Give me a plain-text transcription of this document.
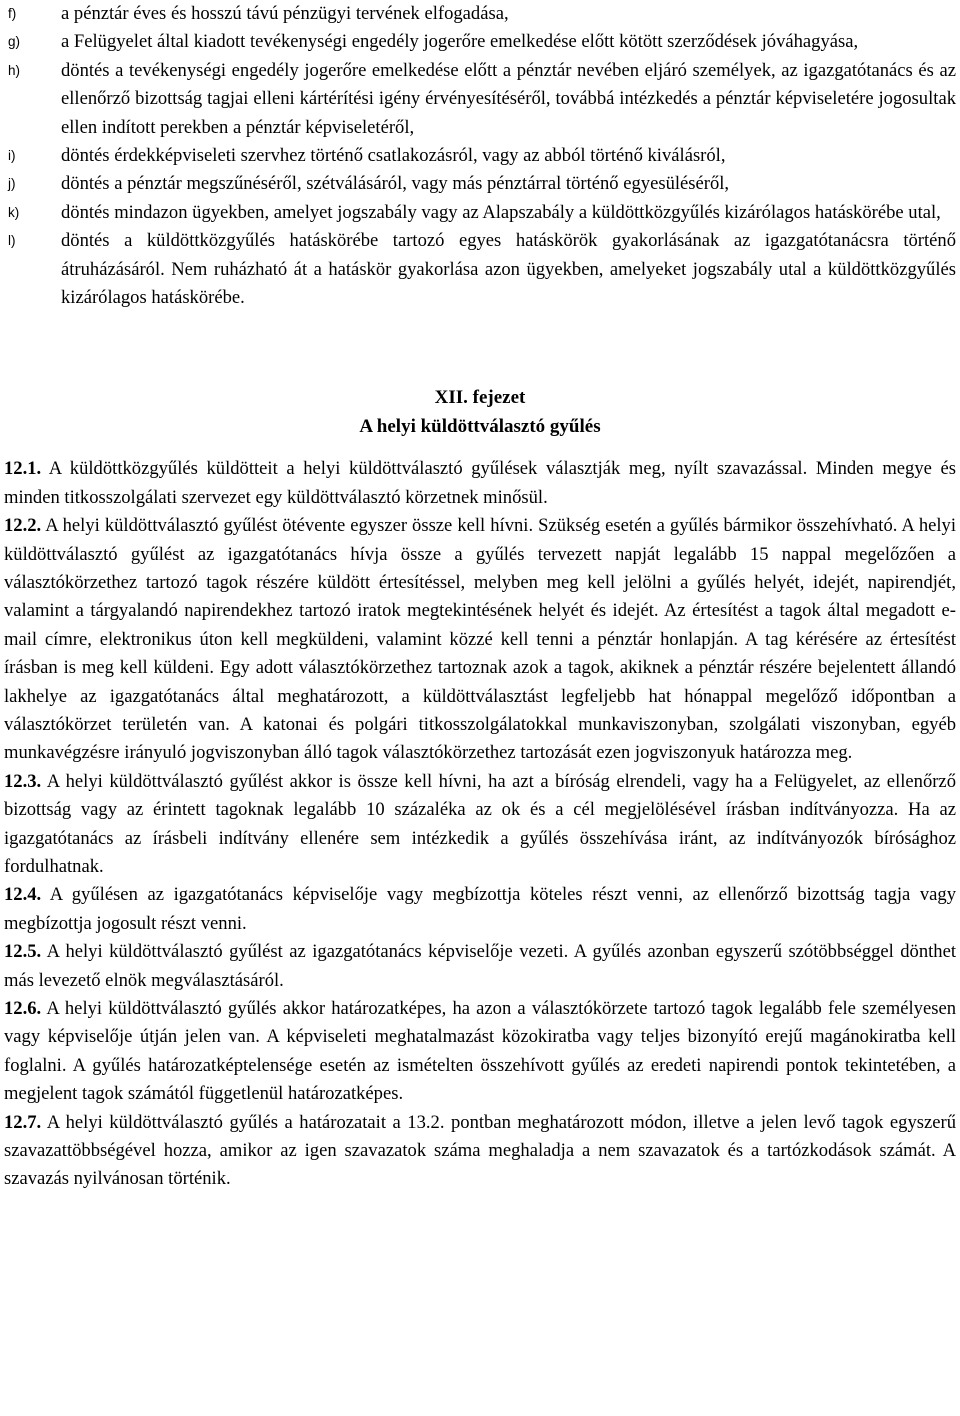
f) a pénztár éves és hosszú távú pénzügyi tervének elfogadása,
g) a Felügyelet által kiadott tevékenységi engedély jogerőre emelkedése előtt kötött szerződések jóváhagyása,
h) döntés a tevékenységi engedély jogerőre emelkedése előtt a pénztár nevében eljáró személyek, az igazgatótanács és az ellenőrző bizottság tagjai elleni kártérítési igény érvényesítéséről, továbbá intézkedés a pénztár képviseletére jogosultak ellen indított perekben a pénztár képviseletéről,
i) döntés érdekképviseleti szervhez történő csatlakozásról, vagy az abból történő kiválásról,
j) döntés a pénztár megszűnéséről, szétválásáról, vagy más pénztárral történő egyesüléséről,
k) döntés mindazon ügyekben, amelyet jogszabály vagy az Alapszabály a küldöttközgyűlés kizárólagos hatáskörébe utal,
l) döntés a küldöttközgyűlés hatáskörébe tartozó egyes hatáskörök gyakorlásának az igazgatótanácsra történő átruházásáról. Nem ruházható át a hatáskör gyakorlása azon ügyekben, amelyeket jogszabály utal a küldöttközgyűlés kizárólagos hatáskörébe.
XII. fejezet
A helyi küldöttválasztó gyűlés

12.1. A küldöttközgyűlés küldötteit a helyi küldöttválasztó gyűlések választják meg, nyílt szavazással. Minden megye és minden titkosszolgálati szervezet egy küldöttválasztó körzetnek minősül.

12.2. A helyi küldöttválasztó gyűlést ötévente egyszer össze kell hívni. Szükség esetén a gyűlés bármikor összehívható. A helyi küldöttválasztó gyűlést az igazgatótanács hívja össze a gyűlés tervezett napját legalább 15 nappal megelőzően a választókörzethez tartozó tagok részére küldött értesítéssel, melyben meg kell jelölni a gyűlés helyét, idejét, napirendjét, valamint a tárgyalandó napirendekhez tartozó iratok megtekintésének helyét és idejét. Az értesítést a tagok által megadott e-mail címre, elektronikus úton kell megküldeni, valamint közzé kell tenni a pénztár honlapján. A tag kérésére az értesítést írásban is meg kell küldeni. Egy adott választókörzethez tartoznak azok a tagok, akiknek a pénztár részére bejelentett állandó lakhelye az igazgatótanács által meghatározott, a küldöttválasztást legfeljebb hat hónappal megelőző időpontban a választókörzet területén van. A katonai és polgári titkosszolgálatokkal munkaviszonyban, szolgálati viszonyban, egyéb munkavégzésre irányuló jogviszonyban álló tagok választókörzethez tartozását ezen jogviszonyuk határozza meg.

12.3. A helyi küldöttválasztó gyűlést akkor is össze kell hívni, ha azt a bíróság elrendeli, vagy ha a Felügyelet, az ellenőrző bizottság vagy az érintett tagoknak legalább 10 százaléka az ok és a cél megjelölésével írásban indítványozza. Ha az igazgatótanács az írásbeli indítvány ellenére sem intézkedik a gyűlés összehívása iránt, az indítványozók bírósághoz fordulhatnak.

12.4. A gyűlésen az igazgatótanács képviselője vagy megbízottja köteles részt venni, az ellenőrző bizottság tagja vagy megbízottja jogosult részt venni.

12.5. A helyi küldöttválasztó gyűlést az igazgatótanács képviselője vezeti. A gyűlés azonban egyszerű szótöbbséggel dönthet más levezető elnök megválasztásáról.

12.6. A helyi küldöttválasztó gyűlés akkor határozatképes, ha azon a választókörzete tartozó tagok legalább fele személyesen vagy képviselője útján jelen van. A képviseleti meghatalmazást közokiratba vagy teljes bizonyító erejű magánokiratba kell foglalni. A gyűlés határozatképtelensége esetén az ismételten összehívott gyűlés az eredeti napirendi pontok tekintetében, a megjelent tagok számától függetlenül határozatképes.

12.7. A helyi küldöttválasztó gyűlés a határozatait a 13.2. pontban meghatározott módon, illetve a jelen levő tagok egyszerű szavazattöbbségével hozza, amikor az igen szavazatok száma meghaladja a nem szavazatok és a tartózkodások számát. A szavazás nyilvánosan történik.
